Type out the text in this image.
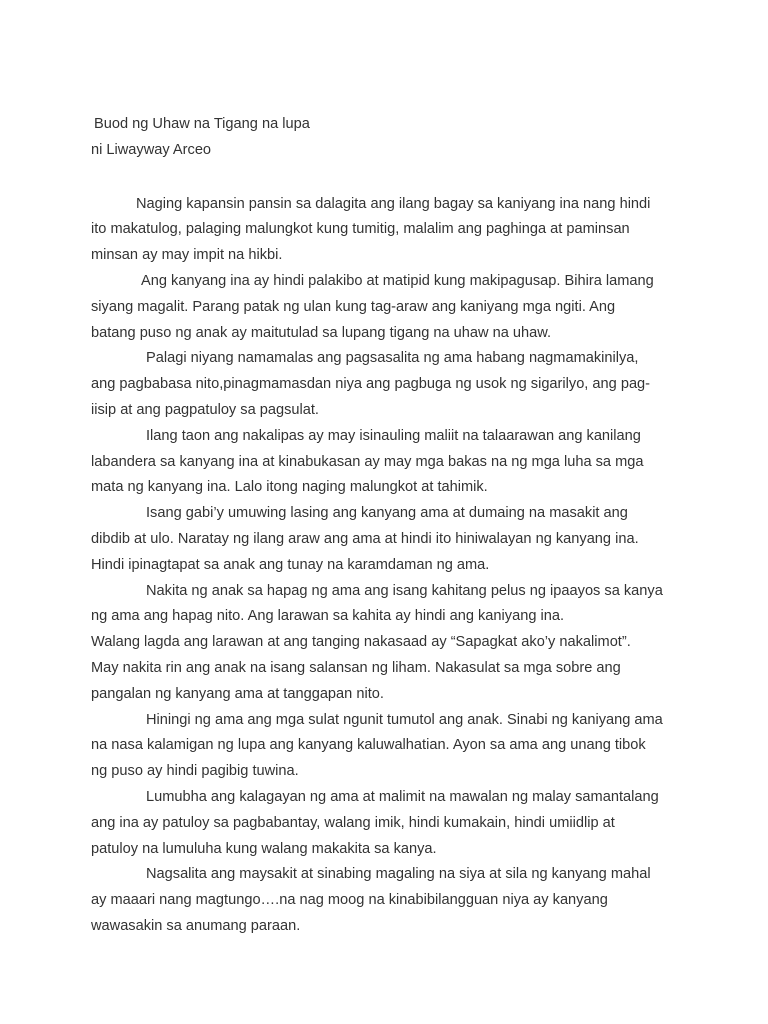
Buod ng Uhaw na Tigang na lupa

ni Liwayway Arceo

Naging kapansin pansin sa dalagita ang ilang bagay sa kaniyang ina nang hindi
ito makatulog, palaging malungkot kung tumitig, malalim ang paghinga at paminsan
minsan ay may impit na hikbi.
Ang kanyang ina ay hindi palakibo at matipid kung makipagusap. Bihira lamang
siyang magalit. Parang patak ng ulan kung tag-araw ang kaniyang mga ngiti. Ang
batang puso ng anak ay maitutulad sa lupang tigang na uhaw na uhaw.
Palagi niyang namamalas ang pagsasalita ng ama habang nagmamakinilya,
ang pagbabasa nito,pinagmamasdan niya ang pagbuga ng usok ng sigarilyo, ang pag-
iisip at ang pagpatuloy sa pagsulat.
Ilang taon ang nakalipas ay may isinauling maliit na talaarawan ang kanilang
labandera sa kanyang ina at kinabukasan ay may mga bakas na ng mga luha sa mga
mata ng kanyang ina. Lalo itong naging malungkot at tahimik.
Isang gabi’y umuwing lasing ang kanyang ama at dumaing na masakit ang
dibdib at ulo. Naratay ng ilang araw ang ama at hindi ito hiniwalayan ng kanyang ina.
Hindi ipinagtapat sa anak ang tunay na karamdaman ng ama.
Nakita ng anak sa hapag ng ama ang isang kahitang pelus ng ipaayos sa kanya
ng ama ang hapag nito. Ang larawan sa kahita ay hindi ang kaniyang ina.
Walang lagda ang larawan at ang tanging nakasaad ay “Sapagkat ako’y nakalimot”.
May nakita rin ang anak na isang salansan ng liham. Nakasulat sa mga sobre ang
pangalan ng kanyang ama at tanggapan nito.
Hiningi ng ama ang mga sulat ngunit tumutol ang anak. Sinabi ng kaniyang ama
na nasa kalamigan ng lupa ang kanyang kaluwalhatian. Ayon sa ama ang unang tibok
ng puso ay hindi pagibig tuwina.
Lumubha ang kalagayan ng ama at malimit na mawalan ng malay samantalang
ang ina ay patuloy sa pagbabantay, walang imik, hindi kumakain, hindi umiidlip at
patuloy na lumuluha kung walang makakita sa kanya.
Nagsalita ang maysakit at sinabing magaling na siya at sila ng kanyang mahal
ay maaari nang magtungo….na nag moog na kinabibilangguan niya ay kanyang
wawasakin sa anumang paraan.
